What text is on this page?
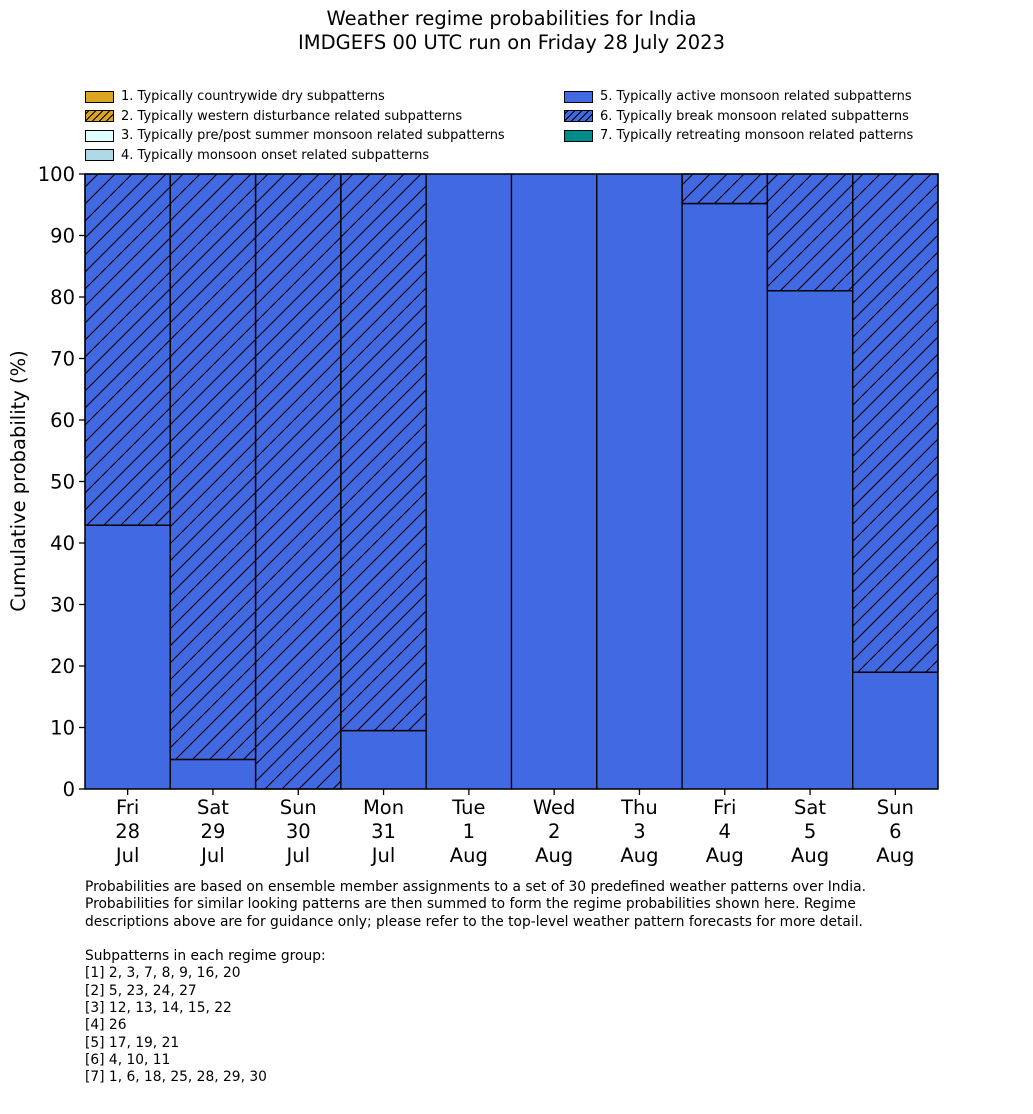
Weather regime probabilities for India
IMDGEFS 00 UTC run on Friday 28 July 2023
1. Typically countrywide dry subpatterns
2. Typically western disturbance related subpatterns
3. Typically pre/post summer monsoon related subpatterns
4. Typically monsoon onset related subpatterns
5. Typically active monsoon related subpatterns
6. Typically break monsoon related subpatterns
7. Typically retreating monsoon related patterns
0
10
20
30
40
50
60
70
80
90
100
Fri 28 Jul
Sat 29 Jul
Sun 30 Jul
Mon 31 Jul
Tue 1 Aug
Wed 2 Aug
Thu 3 Aug
Fri 4 Aug
Sat 5 Aug
Sun 6 Aug
Cumulative probability (%)

Probabilities are based on ensemble member assignments to a set of 30 predefined weather patterns over India.

Probabilities for similar looking patterns are then summed to form the regime probabilities shown here. Regime

descriptions above are for guidance only; please refer to the top-level weather pattern forecasts for more detail.

Subpatterns in each regime group:

[1] 2, 3, 7, 8, 9, 16, 20

[2] 5, 23, 24, 27

[3] 12, 13, 14, 15, 22

[4] 26

[5] 17, 19, 21

[6] 4, 10, 11

[7] 1, 6, 18, 25, 28, 29, 30
